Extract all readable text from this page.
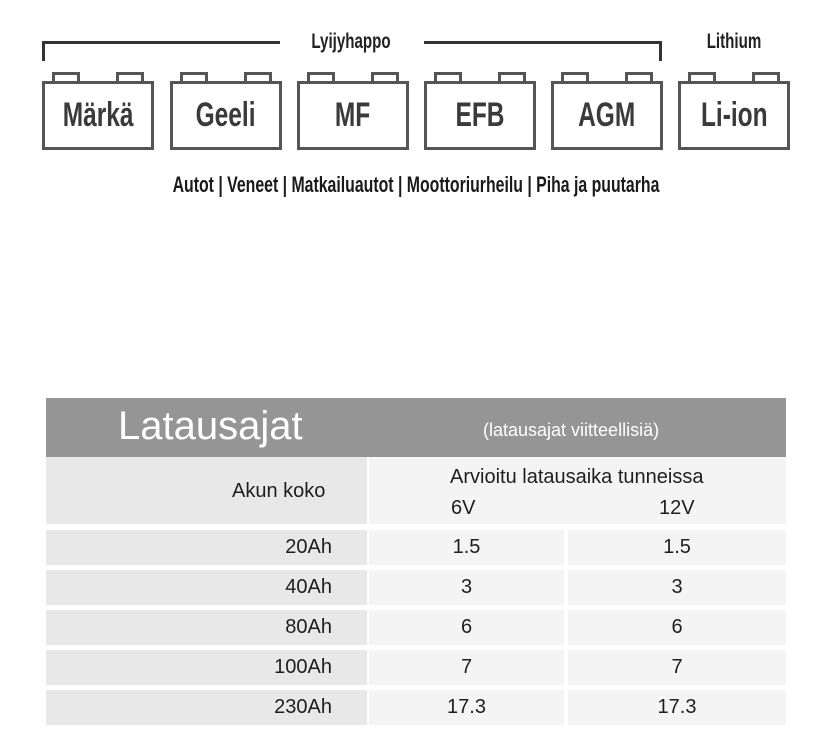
Lyijyhappo	Lithium
Märkä Geeli MF EFB AGM Li-ion
Autot | Veneet | Matkailuautot | Moottoriurheilu | Piha ja puutarha
Latausajat	(latausajat viitteellisiä)
Akun koko
Arvioitu latausaika tunneissa
6V	12V
20Ah	1.5	1.5
40Ah	3	3
80Ah	6	6
100Ah	7	7
230Ah	17.3	17.3
